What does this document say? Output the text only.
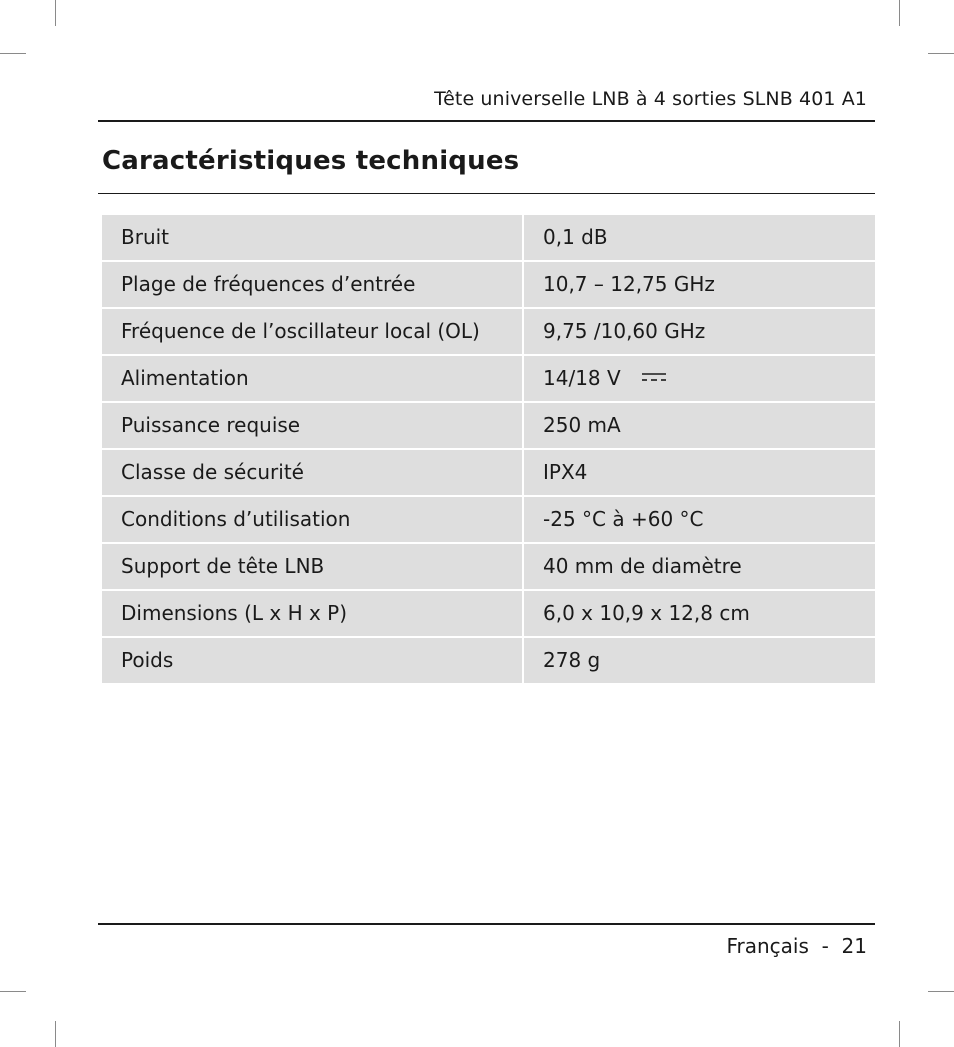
Tête universelle LNB à 4 sorties SLNB 401 A1
Caractéristiques techniques
Bruit	0,1 dB
Plage de fréquences d’entrée	10,7 – 12,75 GHz
Fréquence de l’oscillateur local (OL)	9,75 /10,60 GHz
Alimentation	14/18 V
Puissance requise	250 mA
Classe de sécurité	IPX4
Conditions d’utilisation	-25 °C à +60 °C
Support de tête LNB	40 mm de diamètre
Dimensions (L x H x P)	6,0 x 10,9 x 12,8 cm
Poids	278 g
Français  -  21
